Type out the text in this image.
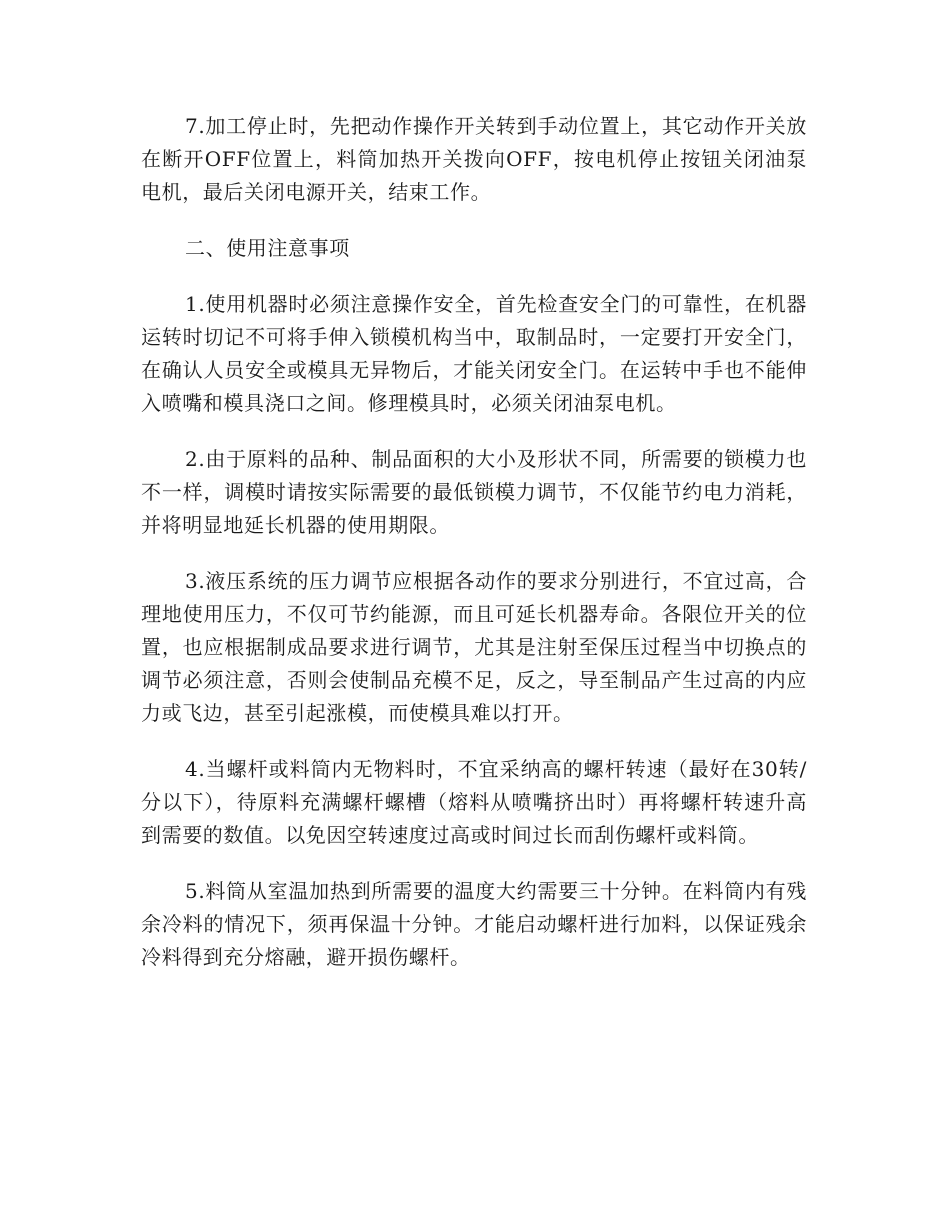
7.加工停止时，先把动作操作开关转到手动位置上，其它动作开关放在断开OFF位置上，料筒加热开关拨向OFF，按电机停止按钮关闭油泵电机，最后关闭电源开关，结束工作。

二、使用注意事项

1.使用机器时必须注意操作安全，首先检查安全门的可靠性，在机器运转时切记不可将手伸入锁模机构当中，取制品时，一定要打开安全门，在确认人员安全或模具无异物后，才能关闭安全门。在运转中手也不能伸入喷嘴和模具浇口之间。修理模具时，必须关闭油泵电机。

2.由于原料的品种、制品面积的大小及形状不同，所需要的锁模力也不一样，调模时请按实际需要的最低锁模力调节，不仅能节约电力消耗，并将明显地延长机器的使用期限。

3.液压系统的压力调节应根据各动作的要求分别进行，不宜过高，合理地使用压力，不仅可节约能源，而且可延长机器寿命。各限位开关的位置，也应根据制成品要求进行调节，尤其是注射至保压过程当中切换点的调节必须注意，否则会使制品充模不足，反之，导至制品产生过高的内应力或飞边，甚至引起涨模，而使模具难以打开。

4.当螺杆或料筒内无物料时，不宜采纳高的螺杆转速（最好在30转/分以下），待原料充满螺杆螺槽（熔料从喷嘴挤出时）再将螺杆转速升高到需要的数值。以免因空转速度过高或时间过长而刮伤螺杆或料筒。

5.料筒从室温加热到所需要的温度大约需要三十分钟。在料筒内有残余冷料的情况下，须再保温十分钟。才能启动螺杆进行加料，以保证残余冷料得到充分熔融，避开损伤螺杆。
